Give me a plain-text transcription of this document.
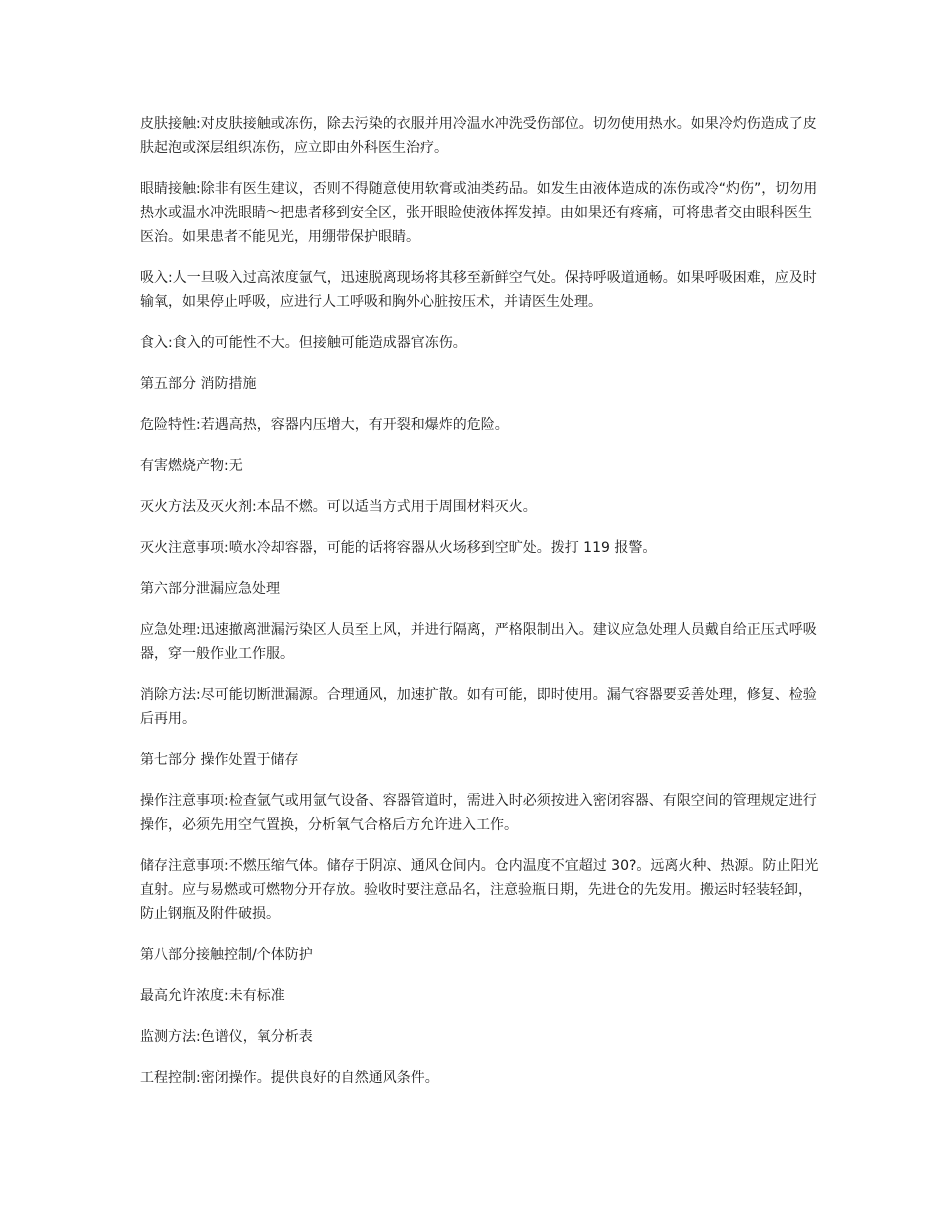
皮肤接触:对皮肤接触或冻伤，除去污染的衣服并用冷温水冲洗受伤部位。切勿使用热水。如果冷灼伤造成了皮肤起泡或深层组织冻伤，应立即由外科医生治疗。

眼睛接触:除非有医生建议，否则不得随意使用软膏或油类药品。如发生由液体造成的冻伤或冷“灼伤”，切勿用热水或温水冲洗眼睛～把患者移到安全区，张开眼睑使液体挥发掉。由如果还有疼痛，可将患者交由眼科医生医治。如果患者不能见光，用绷带保护眼睛。

吸入:人一旦吸入过高浓度氩气，迅速脱离现场将其移至新鲜空气处。保持呼吸道通畅。如果呼吸困难，应及时输氧，如果停止呼吸，应进行人工呼吸和胸外心脏按压术，并请医生处理。

食入:食入的可能性不大。但接触可能造成器官冻伤。

第五部分 消防措施

危险特性:若遇高热，容器内压增大，有开裂和爆炸的危险。

有害燃烧产物:无

灭火方法及灭火剂:本品不燃。可以适当方式用于周围材料灭火。

灭火注意事项:喷水冷却容器，可能的话将容器从火场移到空旷处。拨打 119 报警。

第六部分泄漏应急处理

应急处理:迅速撤离泄漏污染区人员至上风，并进行隔离，严格限制出入。建议应急处理人员戴自给正压式呼吸器，穿一般作业工作服。

消除方法:尽可能切断泄漏源。合理通风，加速扩散。如有可能，即时使用。漏气容器要妥善处理，修复、检验后再用。

第七部分 操作处置于储存

操作注意事项:检查氩气或用氩气设备、容器管道时，需进入时必须按进入密闭容器、有限空间的管理规定进行操作，必须先用空气置换，分析氧气合格后方允许进入工作。

储存注意事项:不燃压缩气体。储存于阴凉、通风仓间内。仓内温度不宜超过 30?。远离火种、热源。防止阳光直射。应与易燃或可燃物分开存放。验收时要注意品名，注意验瓶日期，先进仓的先发用。搬运时轻装轻卸，防止钢瓶及附件破损。

第八部分接触控制/个体防护

最高允许浓度:未有标准

监测方法:色谱仪，氧分析表

工程控制:密闭操作。提供良好的自然通风条件。
